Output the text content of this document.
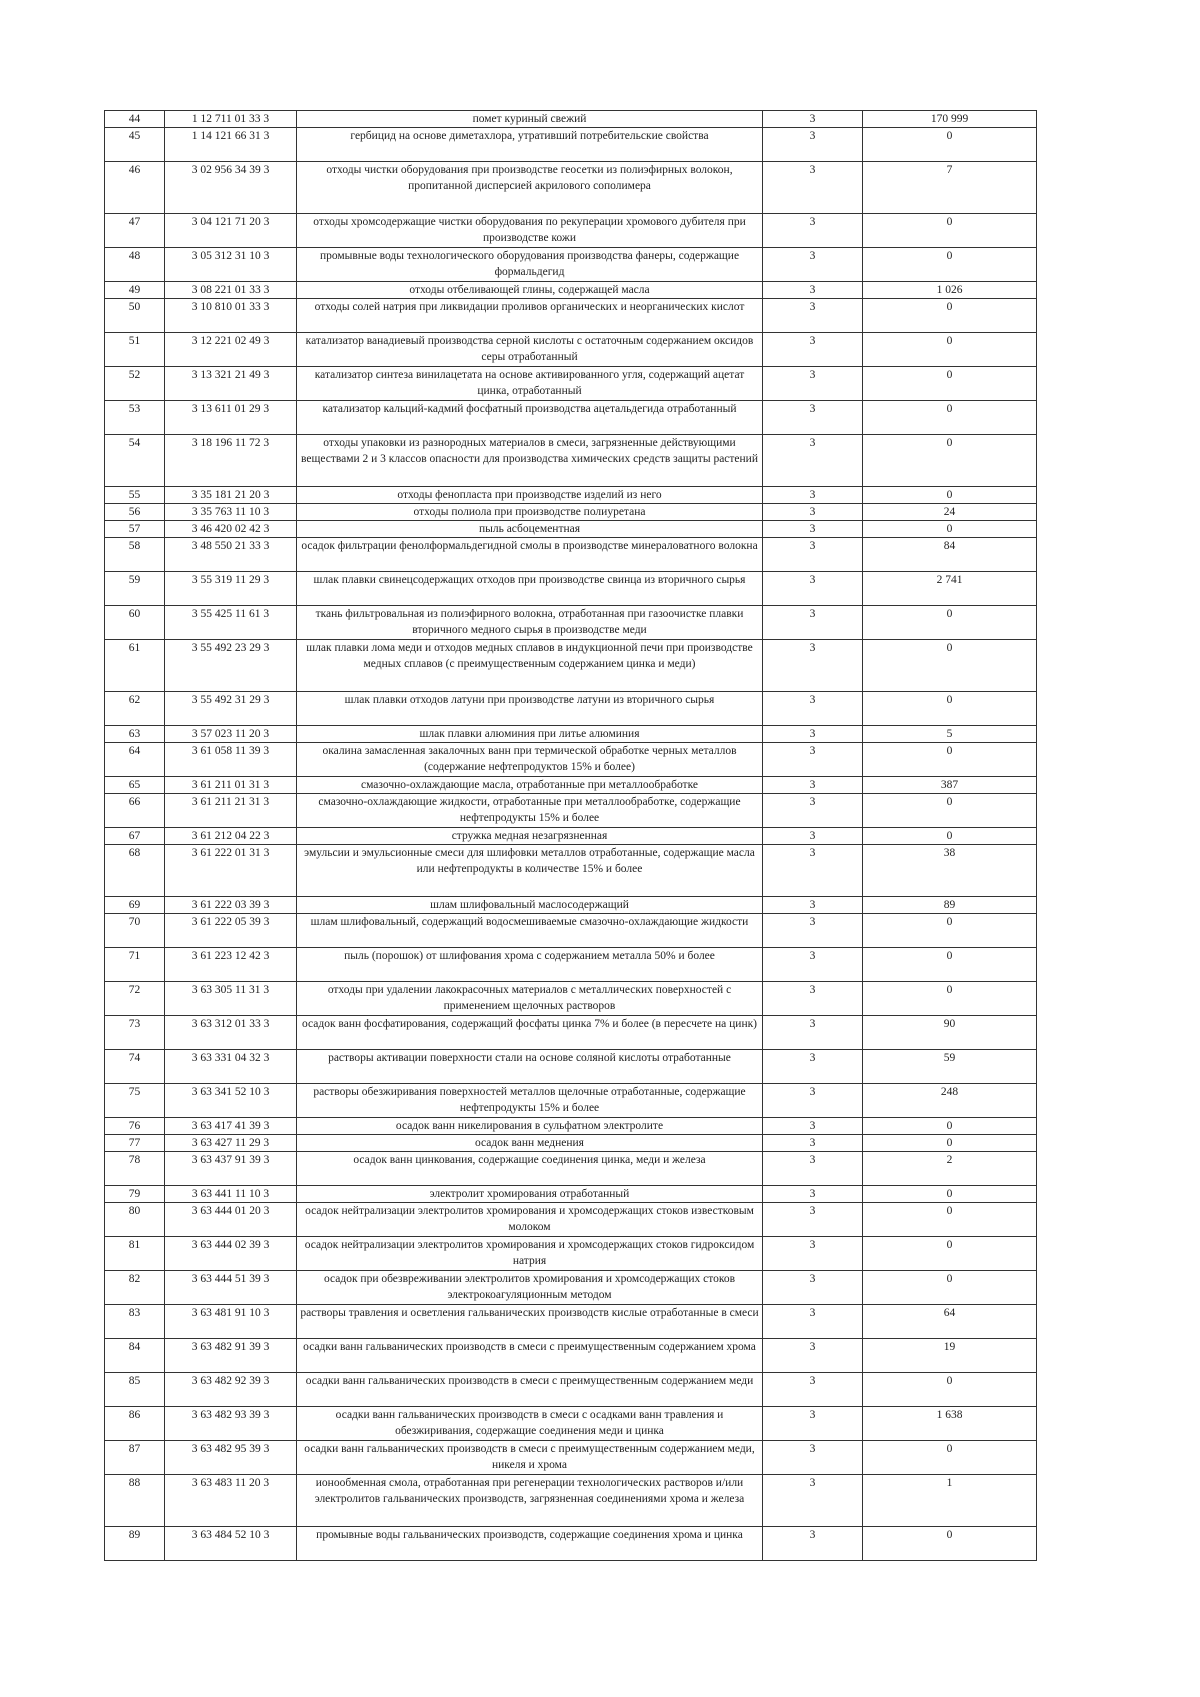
44	1 12 711 01 33 3	помет куриный свежий	3	170 999
45	1 14 121 66 31 3	гербицид на основе диметахлора, утративший потребительские свойства	3	0
46	3 02 956 34 39 3	отходы чистки оборудования при производстве геосетки из полиэфирных волокон, пропитанной дисперсией акрилового сополимера	3	7
47	3 04 121 71 20 3	отходы хромсодержащие чистки оборудования по рекуперации хромового дубителя при производстве кожи	3	0
48	3 05 312 31 10 3	промывные воды технологического оборудования производства фанеры, содержащие формальдегид	3	0
49	3 08 221 01 33 3	отходы отбеливающей глины, содержащей масла	3	1 026
50	3 10 810 01 33 3	отходы солей натрия при ликвидации проливов органических и неорганических кислот	3	0
51	3 12 221 02 49 3	катализатор ванадиевый производства серной кислоты с остаточным содержанием оксидов серы отработанный	3	0
52	3 13 321 21 49 3	катализатор синтеза винилацетата на основе активированного угля, содержащий ацетат цинка, отработанный	3	0
53	3 13 611 01 29 3	катализатор кальций-кадмий фосфатный производства ацетальдегида отработанный	3	0
54	3 18 196 11 72 3	отходы упаковки из разнородных материалов в смеси, загрязненные действующими веществами 2 и 3 классов опасности для производства химических средств защиты растений	3	0
55	3 35 181 21 20 3	отходы фенопласта при производстве изделий из него	3	0
56	3 35 763 11 10 3	отходы полиола при производстве полиуретана	3	24
57	3 46 420 02 42 3	пыль асбоцементная	3	0
58	3 48 550 21 33 3	осадок фильтрации фенолформальдегидной смолы в производстве минераловатного волокна	3	84
59	3 55 319 11 29 3	шлак плавки свинецсодержащих отходов при производстве свинца из вторичного сырья	3	2 741
60	3 55 425 11 61 3	ткань фильтровальная из полиэфирного волокна, отработанная при газоочистке плавки вторичного медного сырья в производстве меди	3	0
61	3 55 492 23 29 3	шлак плавки лома меди и отходов медных сплавов в индукционной печи при производстве медных сплавов (с преимущественным содержанием цинка и меди)	3	0
62	3 55 492 31 29 3	шлак плавки отходов латуни при производстве латуни из вторичного сырья	3	0
63	3 57 023 11 20 3	шлак плавки алюминия при литье алюминия	3	5
64	3 61 058 11 39 3	окалина замасленная закалочных ванн при термической обработке черных металлов (содержание нефтепродуктов 15% и более)	3	0
65	3 61 211 01 31 3	смазочно-охлаждающие масла, отработанные при металлообработке	3	387
66	3 61 211 21 31 3	смазочно-охлаждающие жидкости, отработанные при металлообработке, содержащие нефтепродукты 15% и более	3	0
67	3 61 212 04 22 3	стружка медная незагрязненная	3	0
68	3 61 222 01 31 3	эмульсии и эмульсионные смеси для шлифовки металлов отработанные, содержащие масла или нефтепродукты в количестве 15% и более	3	38
69	3 61 222 03 39 3	шлам шлифовальный маслосодержащий	3	89
70	3 61 222 05 39 3	шлам шлифовальный, содержащий водосмешиваемые смазочно-охлаждающие жидкости	3	0
71	3 61 223 12 42 3	пыль (порошок) от шлифования хрома с содержанием металла 50% и более	3	0
72	3 63 305 11 31 3	отходы при удалении лакокрасочных материалов с металлических поверхностей с применением щелочных растворов	3	0
73	3 63 312 01 33 3	осадок ванн фосфатирования, содержащий фосфаты цинка 7% и более (в пересчете на цинк)	3	90
74	3 63 331 04 32 3	растворы активации поверхности стали на основе соляной кислоты отработанные	3	59
75	3 63 341 52 10 3	растворы обезжиривания поверхностей металлов щелочные отработанные, содержащие нефтепродукты 15% и более	3	248
76	3 63 417 41 39 3	осадок ванн никелирования в сульфатном электролите	3	0
77	3 63 427 11 29 3	осадок ванн меднения	3	0
78	3 63 437 91 39 3	осадок ванн цинкования, содержащие соединения цинка, меди и железа	3	2
79	3 63 441 11 10 3	электролит хромирования отработанный	3	0
80	3 63 444 01 20 3	осадок нейтрализации электролитов хромирования и хромсодержащих стоков известковым молоком	3	0
81	3 63 444 02 39 3	осадок нейтрализации электролитов хромирования и хромсодержащих стоков гидроксидом натрия	3	0
82	3 63 444 51 39 3	осадок при обезвреживании электролитов хромирования и хромсодержащих стоков электрокоагуляционным методом	3	0
83	3 63 481 91 10 3	растворы травления и осветления гальванических производств кислые отработанные в смеси	3	64
84	3 63 482 91 39 3	осадки ванн гальванических производств в смеси с преимущественным содержанием хрома	3	19
85	3 63 482 92 39 3	осадки ванн гальванических производств в смеси с преимущественным содержанием меди	3	0
86	3 63 482 93 39 3	осадки ванн гальванических производств в смеси с осадками ванн травления и обезжиривания, содержащие соединения меди и цинка	3	1 638
87	3 63 482 95 39 3	осадки ванн гальванических производств в смеси с преимущественным содержанием меди, никеля и хрома	3	0
88	3 63 483 11 20 3	ионообменная смола, отработанная при регенерации технологических растворов и/или электролитов гальванических производств, загрязненная соединениями хрома и железа	3	1
89	3 63 484 52 10 3	промывные воды гальванических производств, содержащие соединения хрома и цинка	3	0
